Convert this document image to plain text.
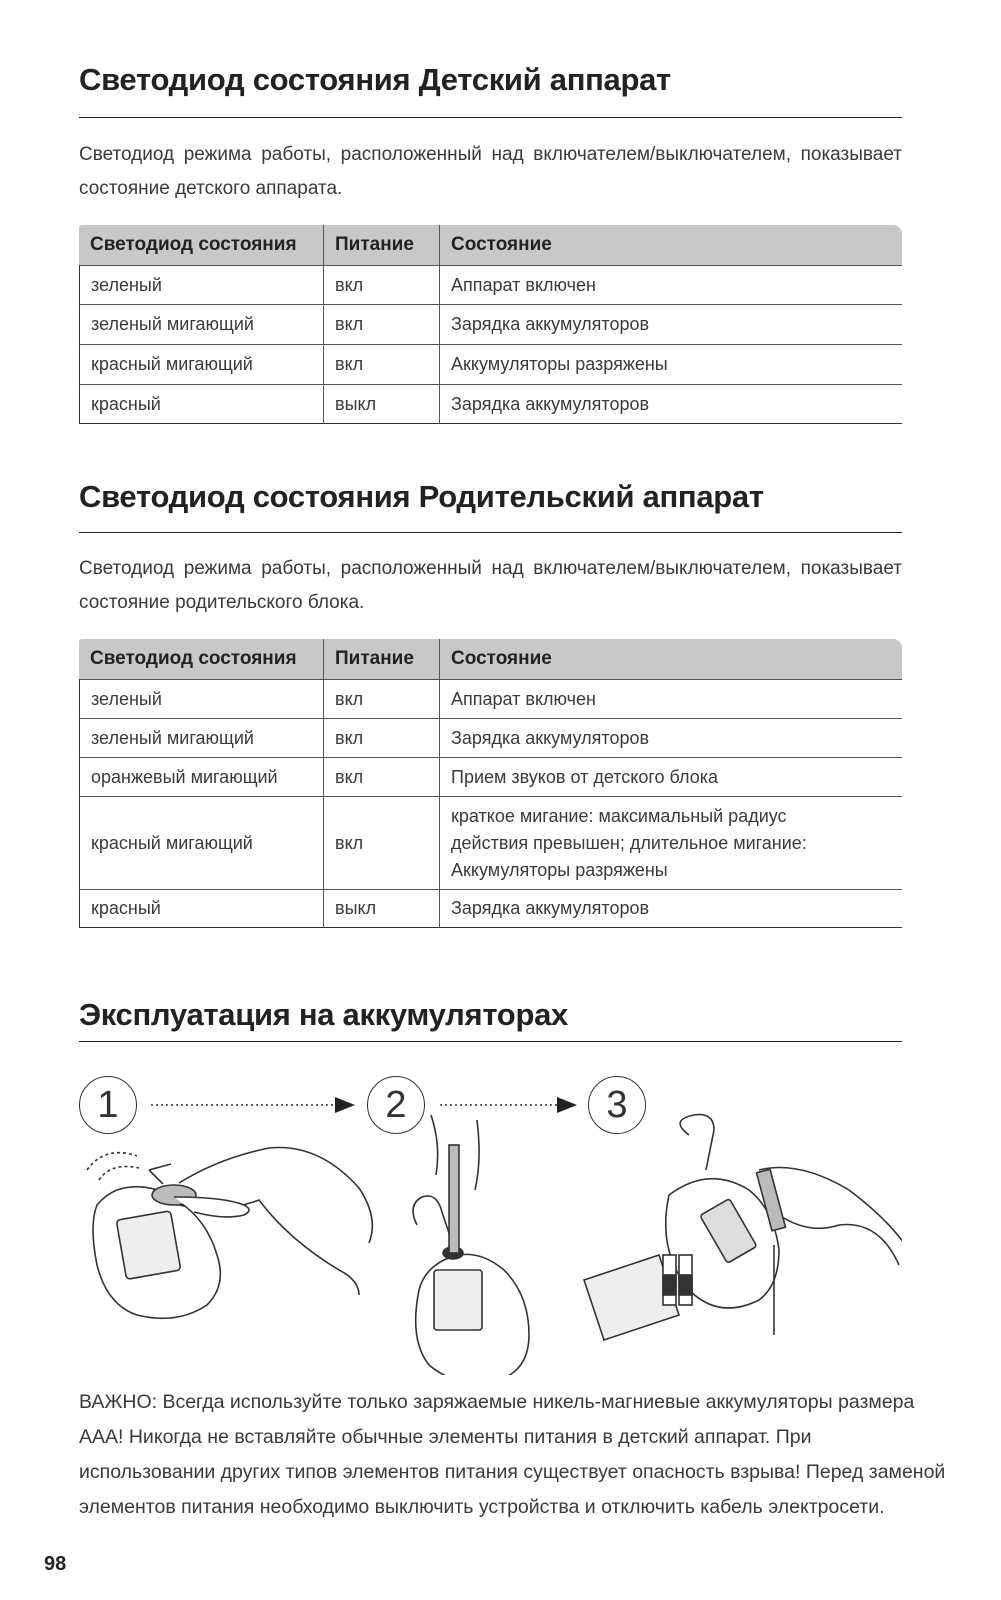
Светодиод состояния Детский аппарат
Светодиод режима работы, расположенный над включателем/выключателем, показывает состояние детского аппарата.
Светодиод состояния	Питание	Состояние
зеленый	вкл	Аппарат включен
зеленый мигающий	вкл	Зарядка аккумуляторов
красный мигающий	вкл	Аккумуляторы разряжены
красный	выкл	Зарядка аккумуляторов
Светодиод состояния Родительский аппарат
Светодиод режима работы, расположенный над включателем/выключателем, показывает состояние родительского блока.
Светодиод состояния	Питание	Состояние
зеленый	вкл	Аппарат включен
зеленый мигающий	вкл	Зарядка аккумуляторов
оранжевый мигающий	вкл	Прием звуков от детского блока
красный мигающий	вкл	краткое мигание: максимальный радиус действия превышен; длительное мигание: Аккумуляторы разряжены
красный	выкл	Зарядка аккумуляторов
Эксплуатация на аккумуляторах
1	2	3
ВАЖНО: Всегда используйте только заряжаемые никель-магниевые аккумуляторы размера AAA! Никогда не вставляйте обычные элементы питания в детский аппарат. При использовании других типов элементов питания существует опасность взрыва! Перед заменой элементов питания необходимо выключить устройства и отключить кабель электросети.
98
